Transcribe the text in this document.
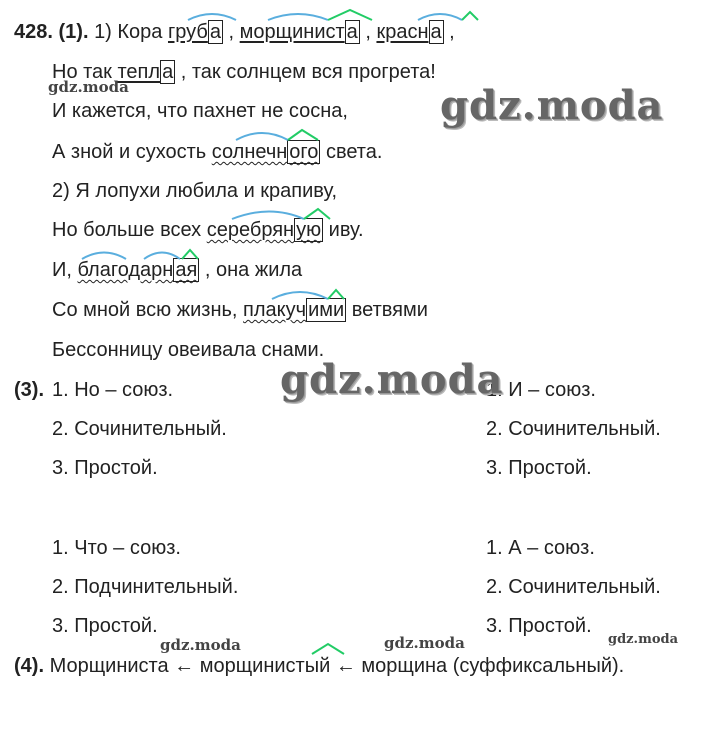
428. (1). 1) Кора груб а , морщинист а , красн а ,
Но так тепл а , так солнцем вся прогрета!
И кажется, что пахнет не сосна,
А зной и сухость солнечн ого света.
2) Я лопухи любила и крапиву,
Но больше всех серебрян ую иву.
И, благодарн ая , она жила
Со мной всю жизнь, плакуч ими ветвями
Бессонницу овеивала снами.
(3). 1. Но – союз.
2. Сочинительный.
3. Простой.
1. И – союз.
2. Сочинительный.
3. Простой.
1. Что – союз.
2. Подчинительный.
3. Простой.
1. А – союз.
2. Сочинительный.
3. Простой.
(4). Морщиниста ← морщинистый ← морщина (суффиксальный).
gdz.moda
gdz.moda
gdz.moda
gdz.moda	gdz.moda	gdz.moda
